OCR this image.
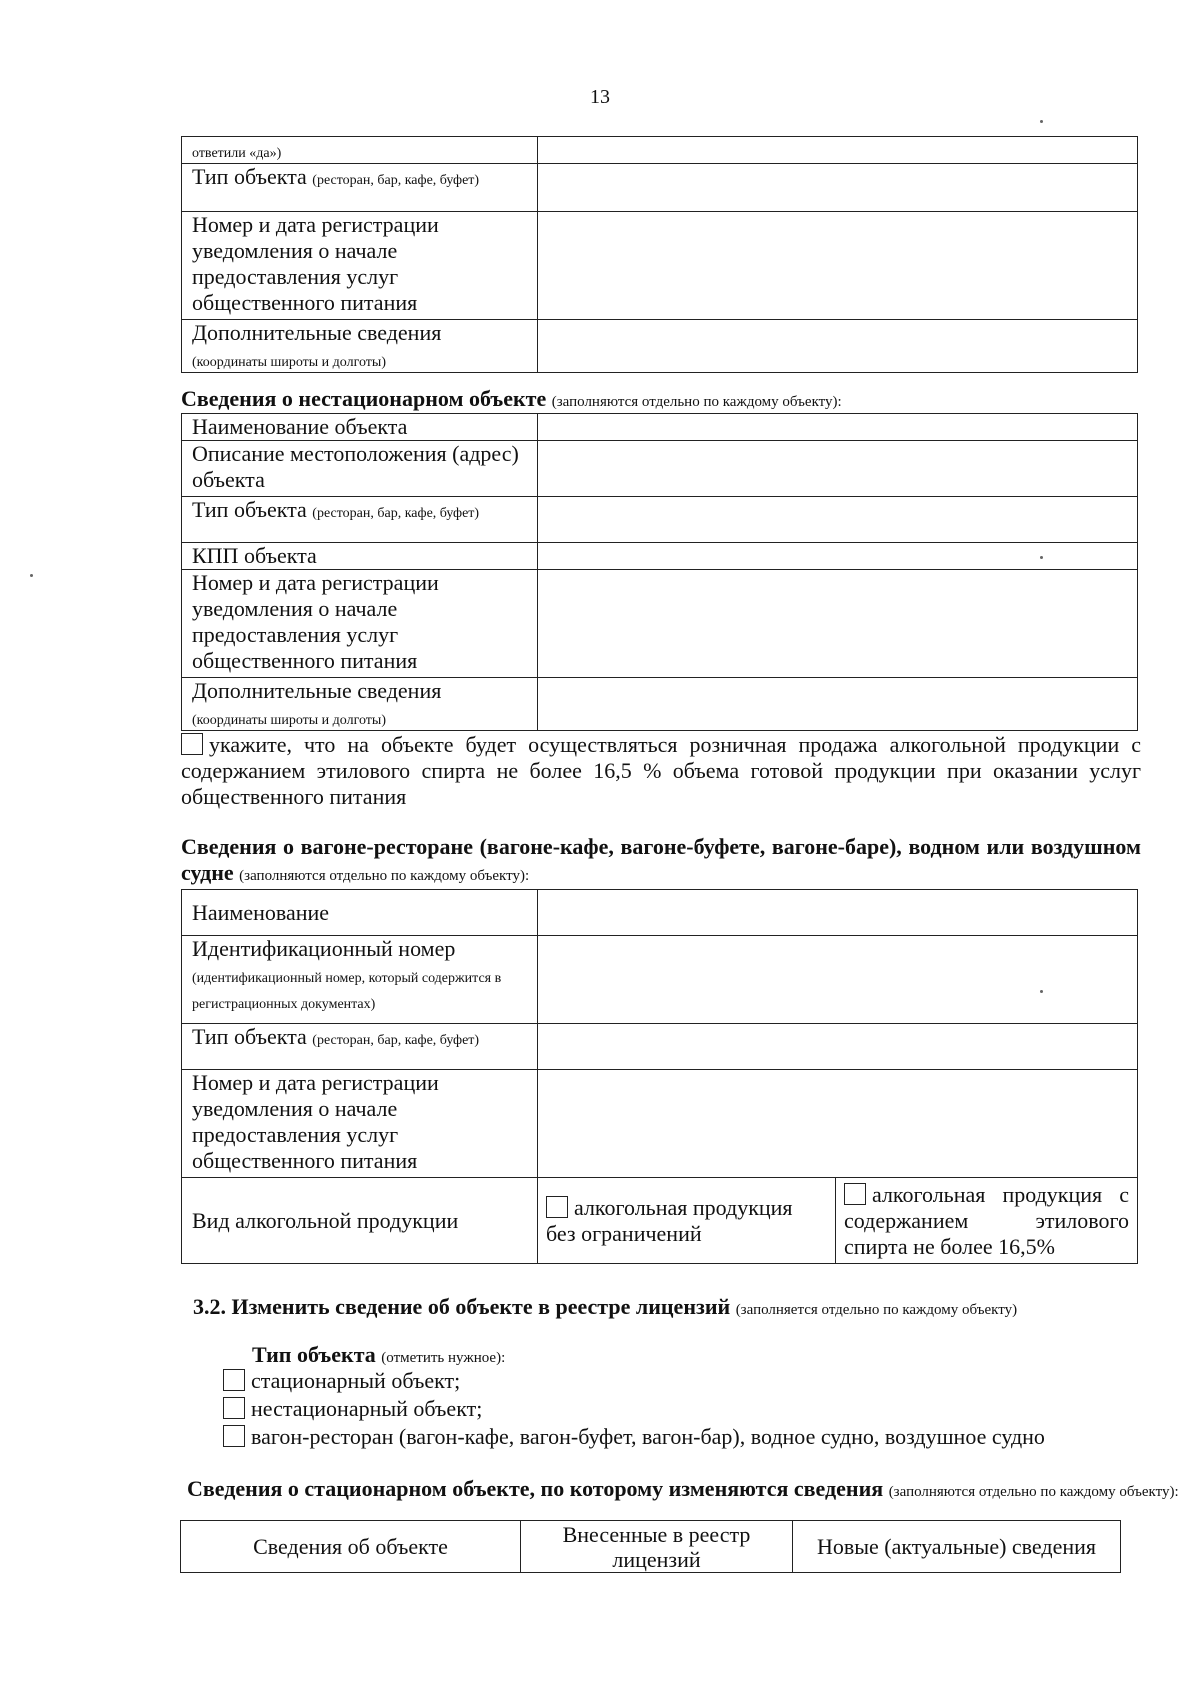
13
ответили «да»)	
Тип объекта (ресторан, бар, кафе, буфет)	
Номер и дата регистрации уведомления о начале предоставления услуг общественного питания	
Дополнительные сведения
(координаты широты и долготы)	
Сведения о нестационарном объекте (заполняются отдельно по каждому объекту):
Наименование объекта	
Описание местоположения (адрес) объекта	
Тип объекта (ресторан, бар, кафе, буфет)	
КПП объекта	
Номер и дата регистрации уведомления о начале предоставления услуг общественного питания	
Дополнительные сведения
(координаты широты и долготы)	
укажите, что на объекте будет осуществляться розничная продажа алкогольной продукции с содержанием этилового спирта не более 16,5 % объема готовой продукции при оказании услуг общественного питания
Сведения о вагоне-ресторане (вагоне-кафе, вагоне-буфете, вагоне-баре), водном или воздушном судне (заполняются отдельно по каждому объекту):
Наименование		
Идентификационный номер
(идентификационный номер, который содержится в регистрационных документах)		
Тип объекта (ресторан, бар, кафе, буфет)		
Номер и дата регистрации уведомления о начале предоставления услуг общественного питания		
Вид алкогольной продукции	алкогольная продукция без ограничений	алкогольная продукция с содержанием этилового спирта не более 16,5%
3.2. Изменить сведение об объекте в реестре лицензий (заполняется отдельно по каждому объекту)
Тип объекта (отметить нужное):
стационарный объект;
нестационарный объект;
вагон-ресторан (вагон-кафе, вагон-буфет, вагон-бар), водное судно, воздушное судно
Сведения о стационарном объекте, по которому изменяются сведения (заполняются отдельно по каждому объекту):
Сведения об объекте	Внесенные в реестр лицензий	Новые (актуальные) сведения
